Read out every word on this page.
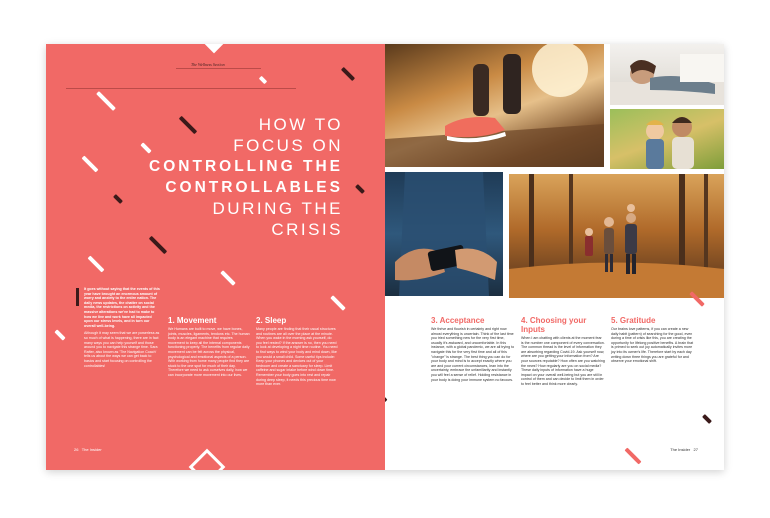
The Wellness Section
HOW TO
FOCUS ON
CONTROLLING THE
CONTROLLABLES
DURING THE
CRISIS

It goes without saying that the events of this year have brought an enormous amount of worry and anxiety to the entire nation. The daily news updates, the chatter on social media, the restrictions on activity and the massive alterations we've had to make to how we live and work have all impacted upon our stress levels, and in turn our overall well-being.

Although it may seem that we are powerless as so much of what is happening, there are in fact many ways you can help yourself and those around you to navigate this strange time. Sara Rafter, also known as 'The Navigation Coach' tells us about the ways we can get back to basics and start focusing on controlling the controllables!

1. Movement

We Humans are built to move, we have bones, joints, muscles, ligaments, tendons etc. The human body is an elegant machine that requires movement to keep all the internal components functioning properly. The benefits from regular daily movement can be felt across the physical, psychological and emotional aspects of a person. With working from home many people find they are stuck to the one spot for much of their day. Therefore we need to ask ourselves daily, how we can incorporate more movement into our lives.

2. Sleep

Many people are finding that their usual structures and routines are all over the place at the minute. When you wake in the morning ask yourself, do you feel rested? If the answer is no, then you need to look at developing a night time routine. You need to find ways to wind your body and mind down, like you would a small child. Some useful tips include: Keep your phones and devices out of your bedroom and create a sanctuary for sleep. Limit caffeine and sugar intake before wind down time. Remember your body goes into rest and repair during deep sleep, it needs this precious time now more than ever.

26 The Insider
3. Acceptance

We thrive and flourish in certainty and right now almost everything is uncertain. Think of the last time you tried something new for the very first time, usually it's awkward, and uncomfortable. In this instance, with a global pandemic, we are all trying to navigate this for the very first time and all of this "change" is strange. The best thing you can do for your body and mind is to accept exactly where you are and your current circumstances, lean into the uncertainty, embrace the unfamiliarity and instantly you will feel a sense of relief. Holding resistance in your body is doing your immune system no favours.

4. Choosing your Inputs

When I am chatting with clients at the moment fear is the number one component of every conversation. The common thread is the level of information they are absorbing regarding Covid-19. Ask yourself now, where are you getting your information from? Are your sources reputable? How often are you watching the news? How regularly are you on social media? These daily inputs of information have a huge impact on your overall well-being but you are still in control of them and can decide to limit them in order to feel better and think more clearly.

5. Gratitude

Our brains love patterns, if you can create a new daily habit (pattern) of searching for the good, even during a time of crisis like this, you are creating the opportunity for lifelong positive benefits. A brain that is primed to seek out joy automatically invites more joy into its owner's life. Therefore start by each day writing down three things you are grateful for and observe your emotional shift.

The Insider 27
